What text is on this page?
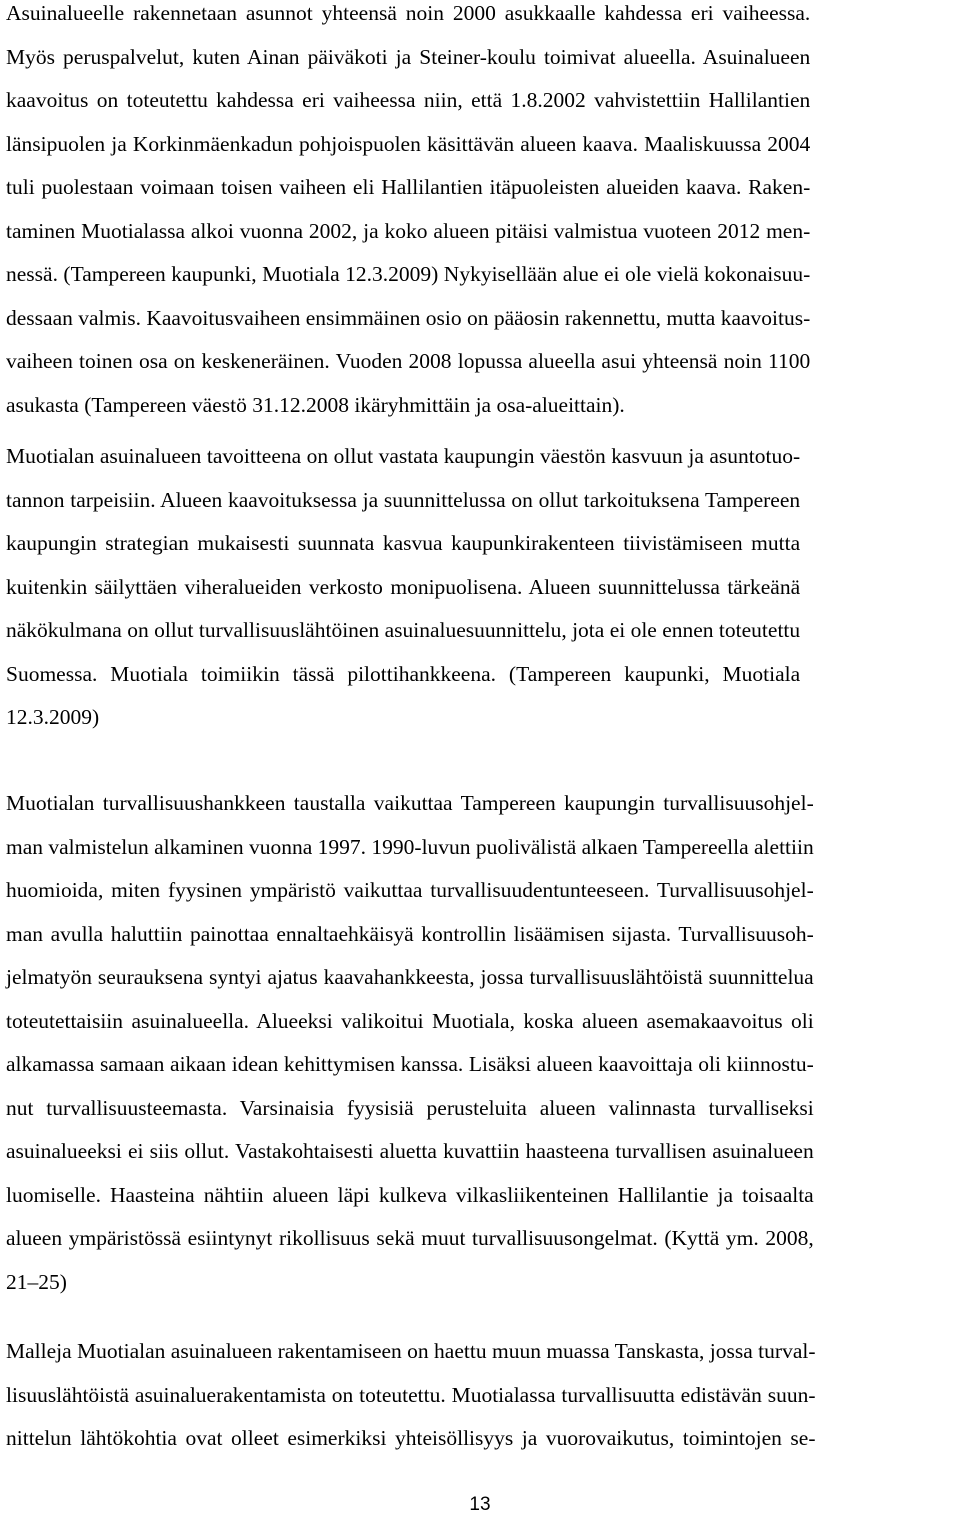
Asuinalueelle rakennetaan asunnot yhteensä noin 2000 asukkaalle kahdessa eri vaiheessa.
Myös peruspalvelut, kuten Ainan päiväkoti ja Steiner-koulu toimivat alueella. Asuinalueen
kaavoitus on toteutettu kahdessa eri vaiheessa niin, että 1.8.2002 vahvistettiin Hallilantien
länsipuolen ja Korkinmäenkadun pohjoispuolen käsittävän alueen kaava. Maaliskuussa 2004
tuli puolestaan voimaan toisen vaiheen eli Hallilantien itäpuoleisten alueiden kaava. Raken-
taminen Muotialassa alkoi vuonna 2002, ja koko alueen pitäisi valmistua vuoteen 2012 men-
nessä. (Tampereen kaupunki, Muotiala 12.3.2009) Nykyisellään alue ei ole vielä kokonaisuu-
dessaan valmis. Kaavoitusvaiheen ensimmäinen osio on pääosin rakennettu, mutta kaavoitus-
vaiheen toinen osa on keskeneräinen. Vuoden 2008 lopussa alueella asui yhteensä noin 1100
asukasta (Tampereen väestö 31.12.2008 ikäryhmittäin ja osa-alueittain).
Muotialan asuinalueen tavoitteena on ollut vastata kaupungin väestön kasvuun ja asuntotuo-
tannon tarpeisiin. Alueen kaavoituksessa ja suunnittelussa on ollut tarkoituksena Tampereen
kaupungin strategian mukaisesti suunnata kasvua kaupunkirakenteen tiivistämiseen mutta
kuitenkin säilyttäen viheralueiden verkosto monipuolisena. Alueen suunnittelussa tärkeänä
näkökulmana on ollut turvallisuuslähtöinen asuinaluesuunnittelu, jota ei ole ennen toteutettu
Suomessa. Muotiala toimiikin tässä pilottihankkeena. (Tampereen kaupunki, Muotiala
12.3.2009)
Muotialan turvallisuushankkeen taustalla vaikuttaa Tampereen kaupungin turvallisuusohjel-
man valmistelun alkaminen vuonna 1997. 1990-luvun puolivälistä alkaen Tampereella alettiin
huomioida, miten fyysinen ympäristö vaikuttaa turvallisuudentunteeseen. Turvallisuusohjel-
man avulla haluttiin painottaa ennaltaehkäisyä kontrollin lisäämisen sijasta. Turvallisuusoh-
jelmatyön seurauksena syntyi ajatus kaavahankkeesta, jossa turvallisuuslähtöistä suunnittelua
toteutettaisiin asuinalueella. Alueeksi valikoitui Muotiala, koska alueen asemakaavoitus oli
alkamassa samaan aikaan idean kehittymisen kanssa. Lisäksi alueen kaavoittaja oli kiinnostu-
nut turvallisuusteemasta. Varsinaisia fyysisiä perusteluita alueen valinnasta turvalliseksi
asuinalueeksi ei siis ollut. Vastakohtaisesti aluetta kuvattiin haasteena turvallisen asuinalueen
luomiselle. Haasteina nähtiin alueen läpi kulkeva vilkasliikenteinen Hallilantie ja toisaalta
alueen ympäristössä esiintynyt rikollisuus sekä muut turvallisuusongelmat. (Kyttä ym. 2008,
21–25)
Malleja Muotialan asuinalueen rakentamiseen on haettu muun muassa Tanskasta, jossa turval-
lisuuslähtöistä asuinaluerakentamista on toteutettu. Muotialassa turvallisuutta edistävän suun-
nittelun lähtökohtia ovat olleet esimerkiksi yhteisöllisyys ja vuorovaikutus, toimintojen se-
13
